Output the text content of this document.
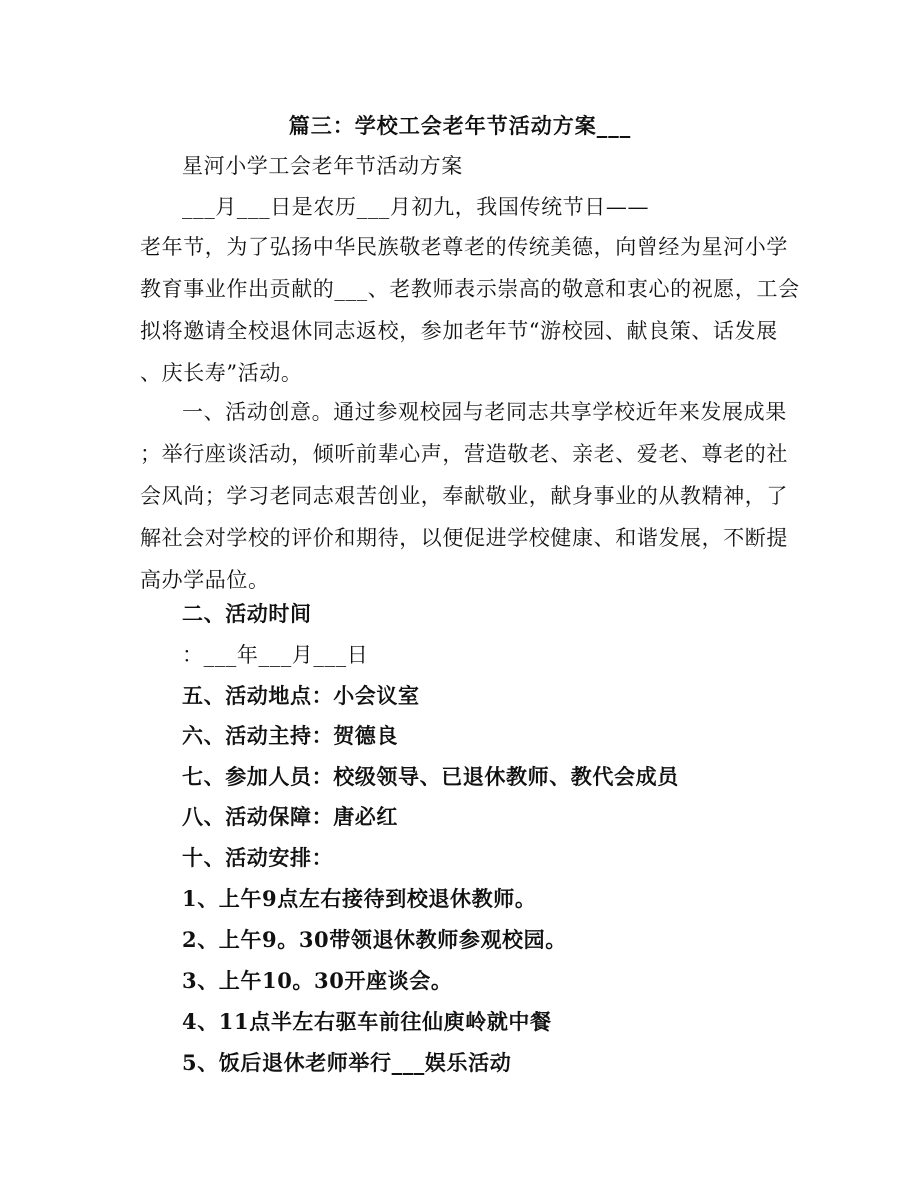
篇三：学校工会老年节活动方案___
星河小学工会老年节活动方案
___月___日是农历___月初九，我国传统节日——
老年节，为了弘扬中华民族敬老尊老的传统美德，向曾经为星河小学
教育事业作出贡献的___、老教师表示崇高的敬意和衷心的祝愿，工会
拟将邀请全校退休同志返校，参加老年节“游校园、献良策、话发展
、庆长寿”活动。
一、活动创意。通过参观校园与老同志共享学校近年来发展成果
；举行座谈活动，倾听前辈心声，营造敬老、亲老、爱老、尊老的社
会风尚；学习老同志艰苦创业，奉献敬业，献身事业的从教精神，了
解社会对学校的评价和期待，以便促进学校健康、和谐发展，不断提
高办学品位。
二、活动时间
：___年___月___日
五、活动地点：小会议室
六、活动主持：贺德良
七、参加人员：校级领导、已退休教师、教代会成员
八、活动保障：唐必红
十、活动安排：
1、上午9点左右接待到校退休教师。
2、上午9。30带领退休教师参观校园。
3、上午10。30开座谈会。
4、11点半左右驱车前往仙庾岭就中餐
5、饭后退休老师举行___娱乐活动
